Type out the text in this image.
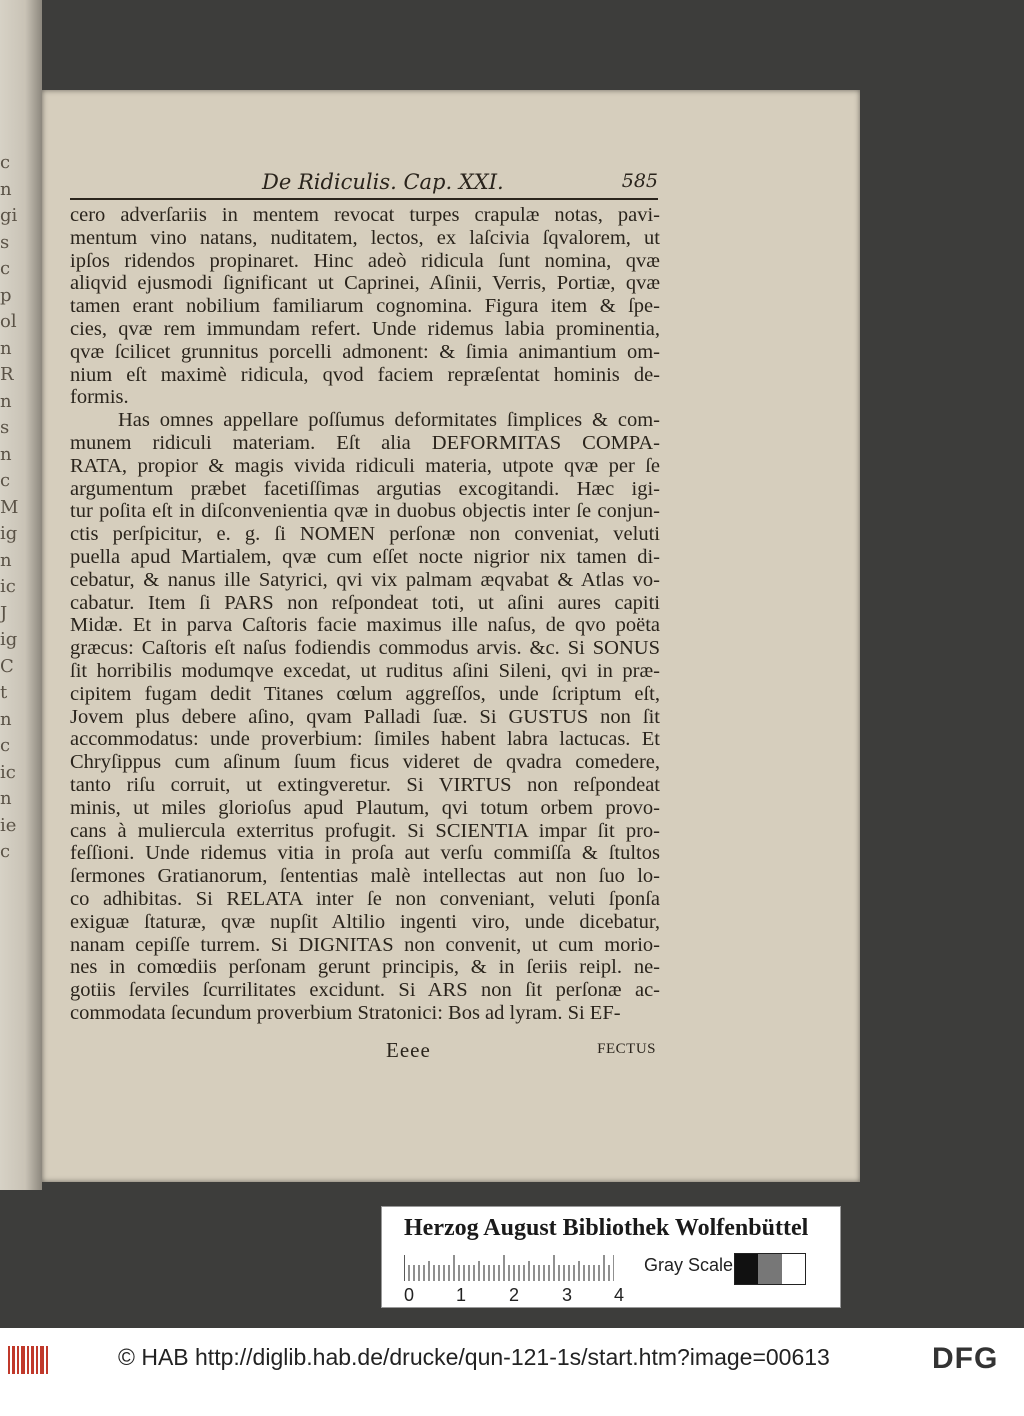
c
n
gi
s
c
p
ol
n
R
n
s
n
c
M
ig
n
ic
J
ig
C
t
n
c
ic
n
ie
c
De Ridiculis. Cap. XXI.	585
cero adverſariis in mentem revocat turpes crapulæ notas, pavi-
mentum vino natans, nuditatem, lectos, ex laſcivia ſqvalorem, ut
ipſos ridendos propinaret. Hinc adeò ridicula ſunt nomina, qvæ
aliqvid ejusmodi ſignificant ut Caprinei, Aſinii, Verris, Portiæ, qvæ
tamen erant nobilium familiarum cognomina. Figura item & ſpe-
cies, qvæ rem immundam refert. Unde ridemus labia prominentia,
qvæ ſcilicet grunnitus porcelli admonent: & ſimia animantium om-
nium eſt maximè ridicula, qvod faciem repræſentat hominis de-
formis.
Has omnes appellare poſſumus deformitates ſimplices & com-
munem ridiculi materiam. Eſt alia DEFORMITAS COMPA-
RATA, propior & magis vivida ridiculi materia, utpote qvæ per ſe
argumentum præbet facetiſſimas argutias excogitandi. Hæc igi-
tur poſita eſt in diſconvenientia qvæ in duobus objectis inter ſe conjun-
ctis perſpicitur, e. g. ſi NOMEN perſonæ non conveniat, veluti
puella apud Martialem, qvæ cum eſſet nocte nigrior nix tamen di-
cebatur, & nanus ille Satyrici, qvi vix palmam æqvabat & Atlas vo-
cabatur. Item ſi PARS non reſpondeat toti, ut aſini aures capiti
Midæ. Et in parva Caſtoris facie maximus ille naſus, de qvo poëta
græcus: Caſtoris eſt naſus fodiendis commodus arvis. &c. Si SONUS
ſit horribilis modumqve excedat, ut ruditus aſini Sileni, qvi in præ-
cipitem fugam dedit Titanes cœlum aggreſſos, unde ſcriptum eſt,
Jovem plus debere aſino, qvam Palladi ſuæ. Si GUSTUS non ſit
accommodatus: unde proverbium: ſimiles habent labra lactucas. Et
Chryſippus cum aſinum ſuum ficus videret de qvadra comedere,
tanto riſu corruit, ut extingveretur. Si VIRTUS non reſpondeat
minis, ut miles glorioſus apud Plautum, qvi totum orbem provo-
cans à muliercula exterritus profugit. Si SCIENTIA impar ſit pro-
feſſioni. Unde ridemus vitia in proſa aut verſu commiſſa & ſtultos
ſermones Gratianorum, ſententias malè intellectas aut non ſuo lo-
co adhibitas. Si RELATA inter ſe non conveniant, veluti ſponſa
exiguæ ſtaturæ, qvæ nupſit Altilio ingenti viro, unde dicebatur,
nanam cepiſſe turrem. Si DIGNITAS non convenit, ut cum morio-
nes in comœdiis perſonam gerunt principis, & in ſeriis reipl. ne-
gotiis ſerviles ſcurrilitates excidunt. Si ARS non ſit perſonæ ac-
commodata ſecundum proverbium Stratonici: Bos ad lyram. Si EF-
Eeee	FECTUS
Herzog August Bibliothek Wolfenbüttel
0 1 2 3 4
Gray Scale
© HAB http://diglib.hab.de/drucke/qun-121-1s/start.htm?image=00613	DFG
